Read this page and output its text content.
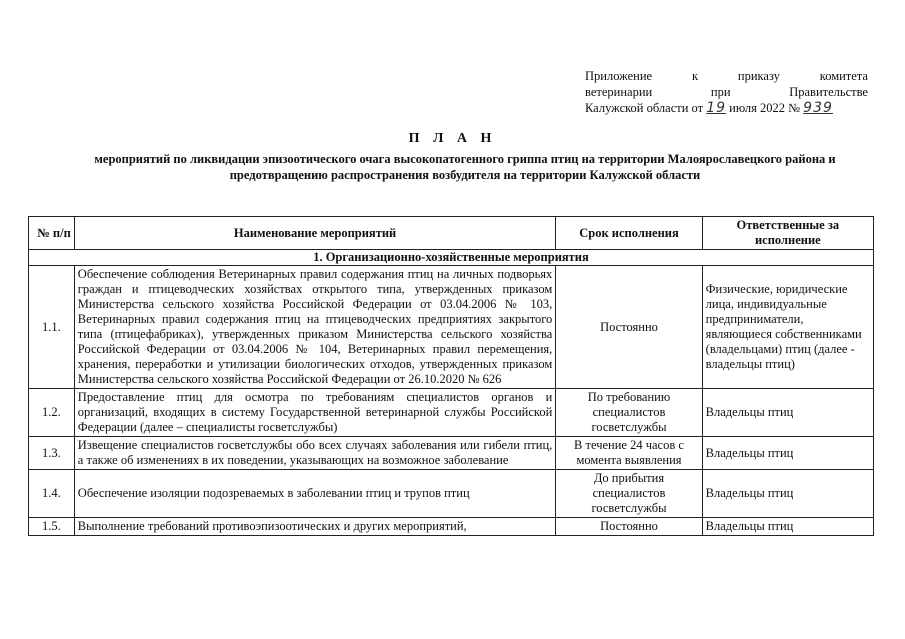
Приложение	к	приказу	комитета
ветеринарии	при	Правительстве
Калужской области от 19 июля 2022 № 939
П Л А Н
мероприятий по ликвидации эпизоотического очага высокопатогенного гриппа птиц на территории Малоярославецкого района и предотвращению распространения возбудителя на территории Калужской области
№ п/п	Наименование мероприятий	Срок исполнения	Ответственные за исполнение
1. Организационно-хозяйственные мероприятия			
1.1.	Обеспечение соблюдения Ветеринарных правил содержания птиц на личных подворьях граждан и птицеводческих хозяйствах открытого типа, утвержденных приказом Министерства сельского хозяйства Российской Федерации от 03.04.2006 № 103, Ветеринарных правил содержания птиц на птицеводческих предприятиях закрытого типа (птицефабриках), утвержденных приказом Министерства сельского хозяйства Российской Федерации от 03.04.2006 № 104, Ветеринарных правил перемещения, хранения, переработки и утилизации биологических отходов, утвержденных приказом Министерства сельского хозяйства Российской Федерации от 26.10.2020 № 626	Постоянно	Физические, юридические лица, индивидуальные предприниматели, являющиеся собственниками (владельцами) птиц (далее - владельцы птиц)
1.2.	Предоставление птиц для осмотра по требованиям специалистов органов и организаций, входящих в систему Государственной ветеринарной службы Российской Федерации (далее – специалисты госветслужбы)	По требованию специалистов госветслужбы	Владельцы птиц
1.3.	Извещение специалистов госветслужбы обо всех случаях заболевания или гибели птиц, а также об изменениях в их поведении, указывающих на возможное заболевание	В течение 24 часов с момента выявления	Владельцы птиц
1.4.	Обеспечение изоляции подозреваемых в заболевании птиц и трупов птиц	До прибытия специалистов госветслужбы	Владельцы птиц
1.5.	Выполнение требований противоэпизоотических и других мероприятий,	Постоянно	Владельцы птиц
